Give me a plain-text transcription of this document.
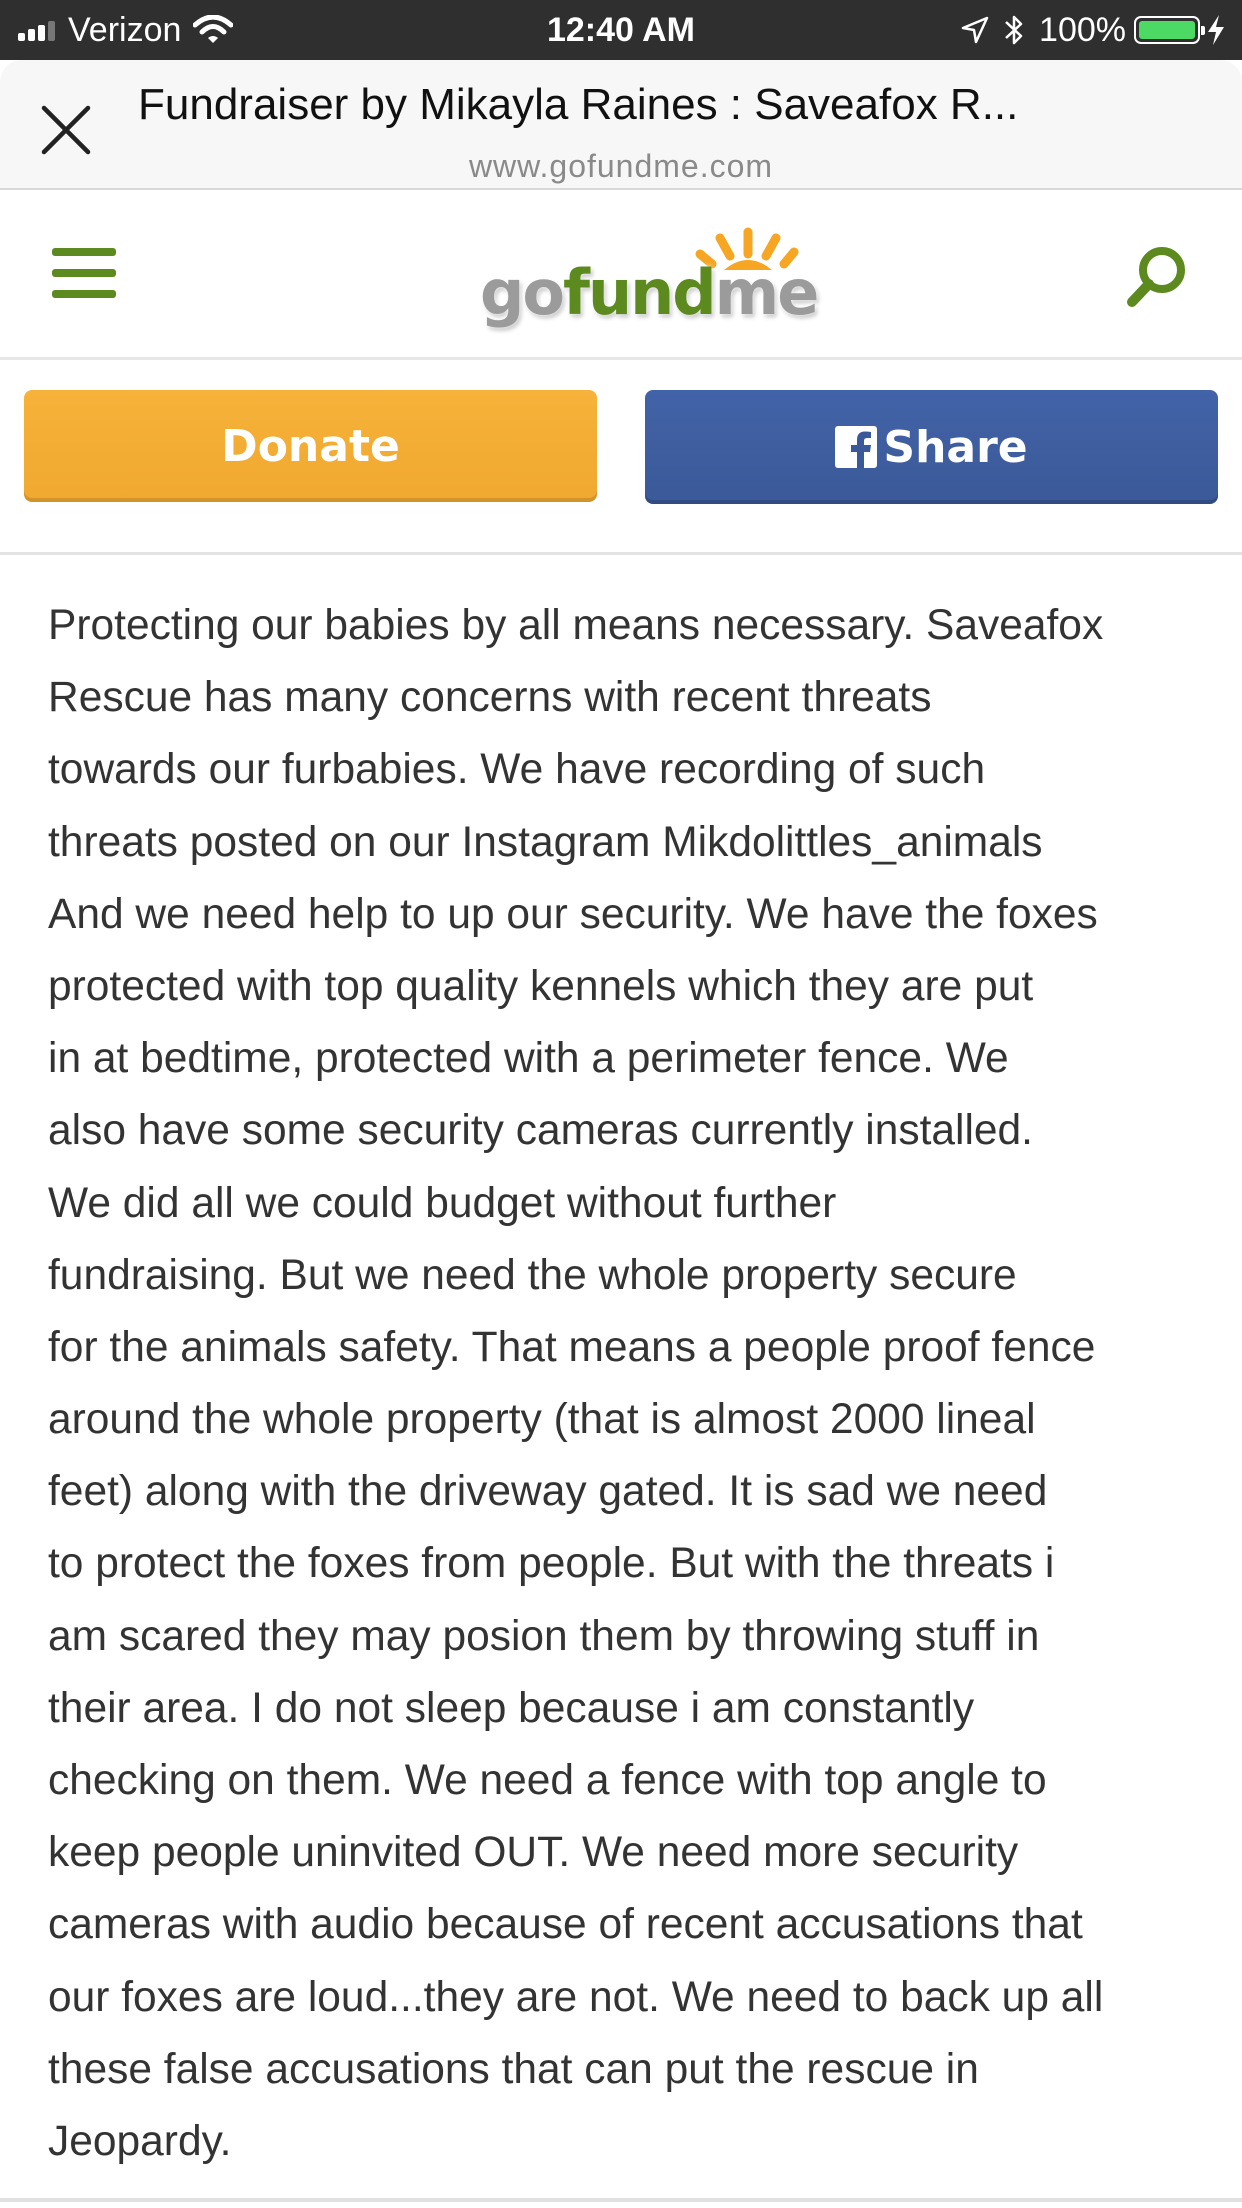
Verizon	12:40 AM	100%
Fundraiser by Mikayla Raines : Saveafox R...
www.gofundme.com
gofundme
Donate	Share
Protecting our babies by all means necessary. Saveafox
Rescue has many concerns with recent threats
towards our furbabies. We have recording of such
threats posted on our Instagram Mikdolittles_animals
And we need help to up our security. We have the foxes
protected with top quality kennels which they are put
in at bedtime, protected with a perimeter fence. We
also have some security cameras currently installed.
We did all we could budget without further
fundraising. But we need the whole property secure
for the animals safety. That means a people proof fence
around the whole property (that is almost 2000 lineal
feet) along with the driveway gated. It is sad we need
to protect the foxes from people. But with the threats i
am scared they may posion them by throwing stuff in
their area. I do not sleep because i am constantly
checking on them. We need a fence with top angle to
keep people uninvited OUT. We need more security
cameras with audio because of recent accusations that
our foxes are loud...they are not. We need to back up all
these false accusations that can put the rescue in
Jeopardy.
